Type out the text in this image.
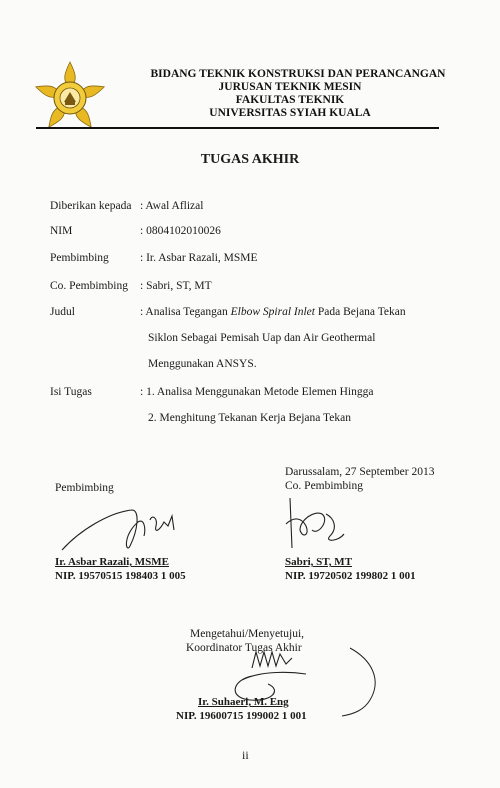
BIDANG TEKNIK KONSTRUKSI DAN PERANCANGAN
JURUSAN TEKNIK MESIN
FAKULTAS TEKNIK
UNIVERSITAS SYIAH KUALA
TUGAS AKHIR
Diberikan kepada : Awal Aflizal
NIM	: 0804102010026
Pembimbing	: Ir. Asbar Razali, MSME
Co. Pembimbing : Sabri, ST, MT
Judul	: Analisa Tegangan Elbow Spiral Inlet Pada Bejana Tekan
Siklon Sebagai Pemisah Uap dan Air Geothermal
Menggunakan ANSYS.
Isi Tugas	: 1. Analisa Menggunakan Metode Elemen Hingga
2. Menghitung Tekanan Kerja Bejana Tekan
Darussalam, 27 September 2013
Pembimbing	Co. Pembimbing
Ir. Asbar Razali, MSME
NIP. 19570515 198403 1 005
Sabri, ST, MT
NIP. 19720502 199802 1 001
Mengetahui/Menyetujui,
Koordinator Tugas Akhir
Ir. Suhaeri, M. Eng
NIP. 19600715 199002 1 001
ii
